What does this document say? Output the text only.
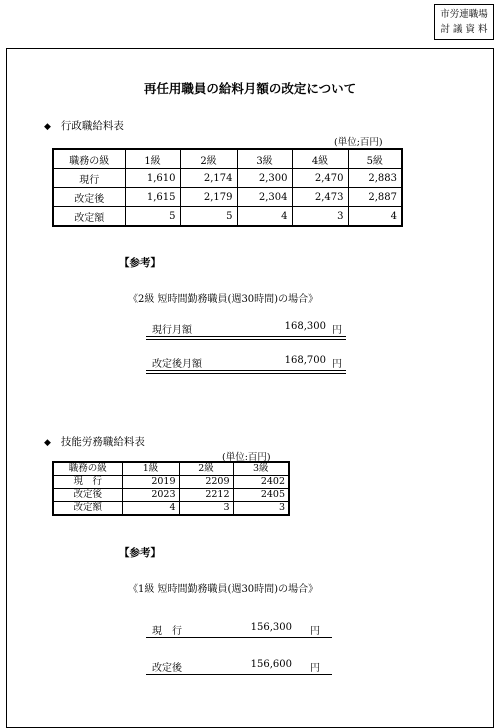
市労連職場
討 議 資 料
再任用職員の給料月額の改定について
◆ 行政職給料表
(単位;百円)
職務の級	1級	2級	3級	4級	5級
現行	1,610	2,174	2,300	2,470	2,883
改定後	1,615	2,179	2,304	2,473	2,887
改定額	5	5	4	3	4
【参考】
《2級 短時間勤務職員(週30時間)の場合》
現行月額	168,300 円
改定後月額	168,700 円
◆ 技能労務職給料表
(単位:百円)
職務の級	1級	2級	3級
現　行	2019	2209	2402
改定後	2023	2212	2405
改定額	4	3	3
【参考】
《1級 短時間勤務職員(週30時間)の場合》
現　行	156,300 円
改定後	156,600 円
